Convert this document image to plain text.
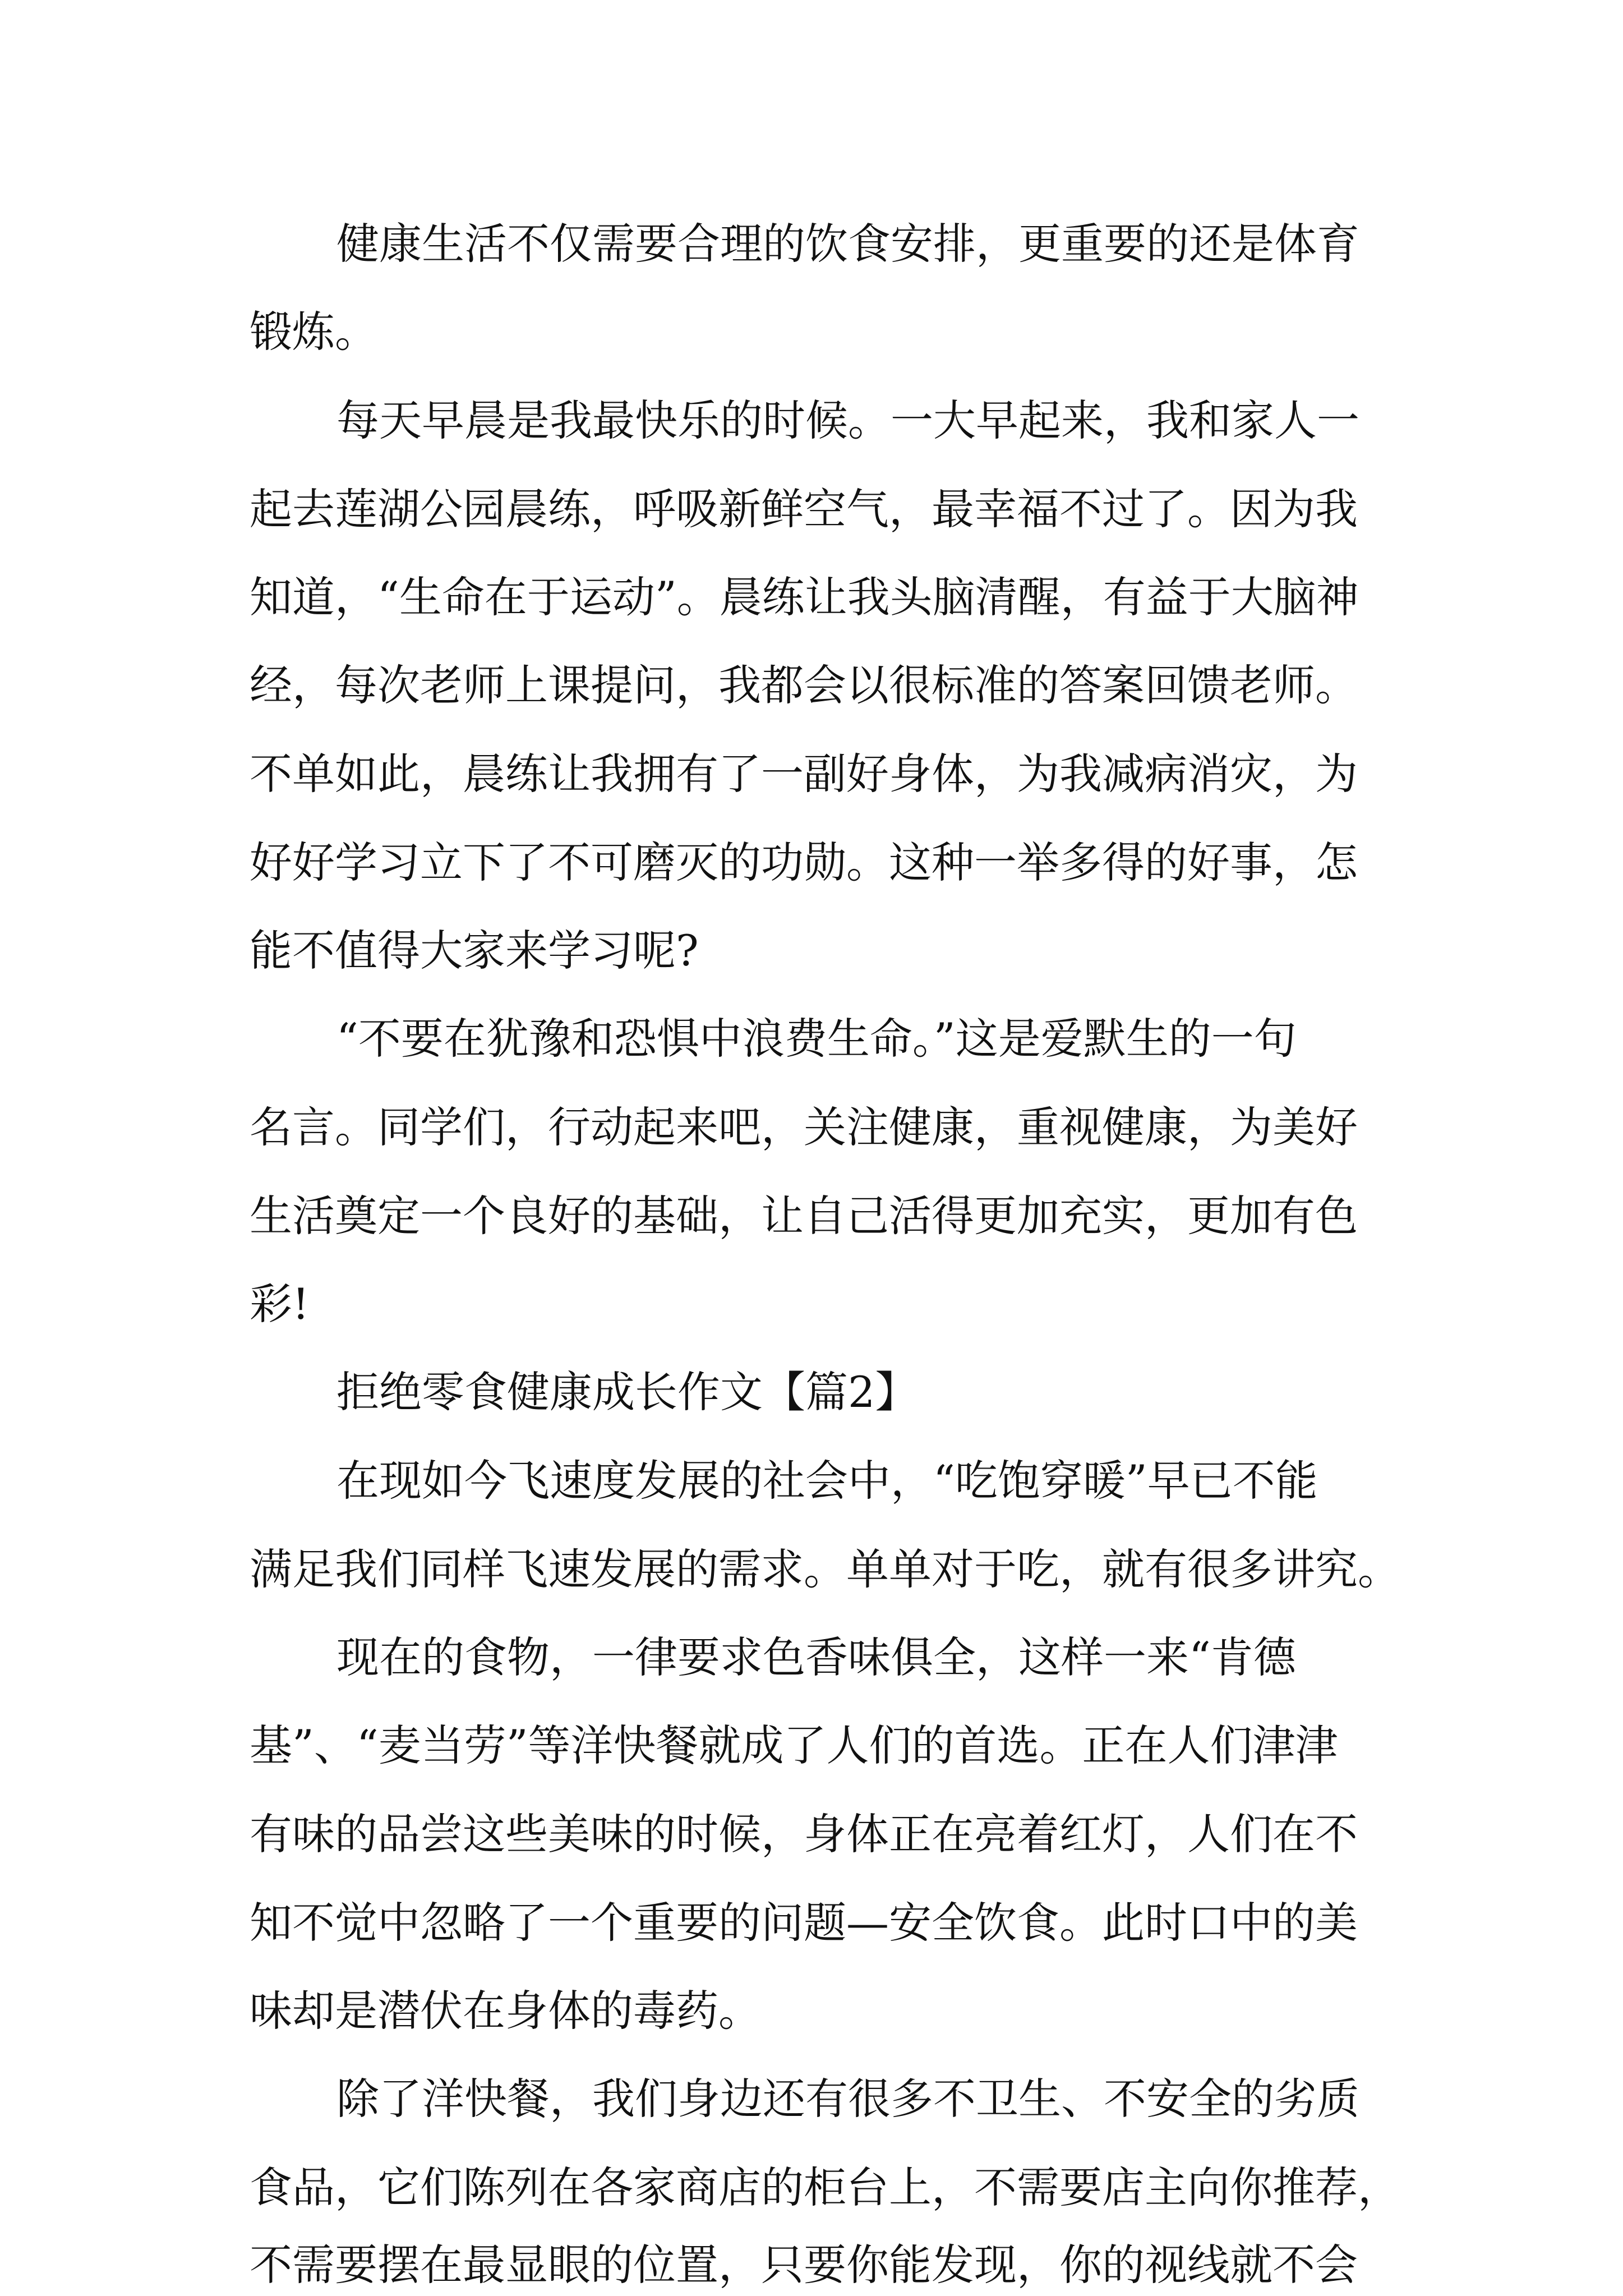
健康生活不仅需要合理的饮食安排，更重要的还是体育

锻炼。

每天早晨是我最快乐的时候。一大早起来，我和家人一

起去莲湖公园晨练，呼吸新鲜空气，最幸福不过了。因为我

知道，“生命在于运动”。晨练让我头脑清醒，有益于大脑神

经，每次老师上课提问，我都会以很标准的答案回馈老师。

不单如此，晨练让我拥有了一副好身体，为我减病消灾，为

好好学习立下了不可磨灭的功勋。这种一举多得的好事，怎

能不值得大家来学习呢?

“不要在犹豫和恐惧中浪费生命。”这是爱默生的一句

名言。同学们，行动起来吧，关注健康，重视健康，为美好

生活奠定一个良好的基础，让自己活得更加充实，更加有色

彩!

拒绝零食健康成长作文【篇2】

在现如今飞速度发展的社会中，“吃饱穿暖”早已不能

满足我们同样飞速发展的需求。单单对于吃，就有很多讲究。

现在的食物，一律要求色香味俱全，这样一来“肯德

基”、“麦当劳”等洋快餐就成了人们的首选。正在人们津津

有味的品尝这些美味的时候，身体正在亮着红灯，人们在不

知不觉中忽略了一个重要的问题—安全饮食。此时口中的美

味却是潜伏在身体的毒药。

除了洋快餐，我们身边还有很多不卫生、不安全的劣质

食品，它们陈列在各家商店的柜台上，不需要店主向你推荐，

不需要摆在最显眼的位置，只要你能发现，你的视线就不会
